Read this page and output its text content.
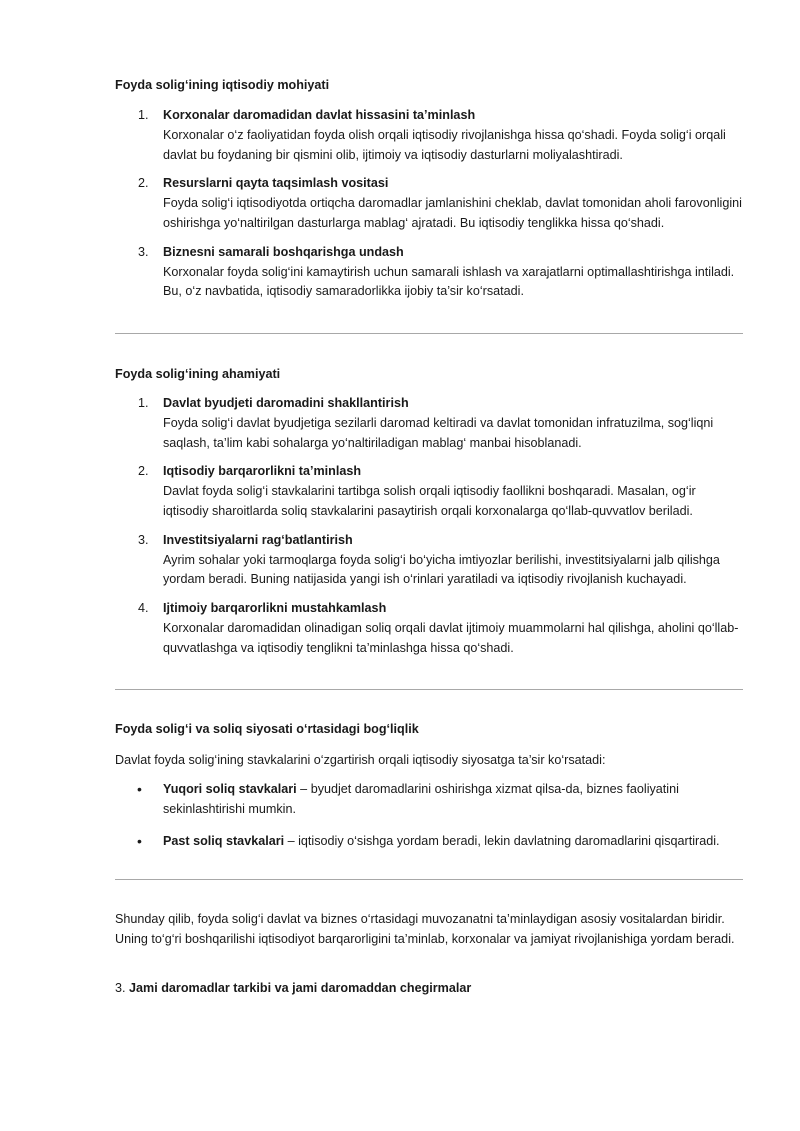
Foyda solig‘ining iqtisodiy mohiyati
1. Korxonalar daromadidan davlat hissasini ta’minlash
Korxonalar o‘z faoliyatidan foyda olish orqali iqtisodiy rivojlanishga hissa qo‘shadi. Foyda solig‘i orqali davlat bu foydaning bir qismini olib, ijtimoiy va iqtisodiy dasturlarni moliyalashtiradi.
2. Resurslarni qayta taqsimlash vositasi
Foyda solig‘i iqtisodiyotda ortiqcha daromadlar jamlanishini cheklab, davlat tomonidan aholi farovonligini oshirishga yo‘naltirilgan dasturlarga mablag‘ ajratadi. Bu iqtisodiy tenglikka hissa qo‘shadi.
3. Biznesni samarali boshqarishga undash
Korxonalar foyda solig‘ini kamaytirish uchun samarali ishlash va xarajatlarni optimallashtirishga intiladi. Bu, o‘z navbatida, iqtisodiy samaradorlikka ijobiy ta’sir ko‘rsatadi.
Foyda solig‘ining ahamiyati
1. Davlat byudjeti daromadini shakllantirish
Foyda solig‘i davlat byudjetiga sezilarli daromad keltiradi va davlat tomonidan infratuzilma, sog‘liqni saqlash, ta’lim kabi sohalarga yo‘naltiriladigan mablag‘ manbai hisoblanadi.
2. Iqtisodiy barqarorlikni ta’minlash
Davlat foyda solig‘i stavkalarini tartibga solish orqali iqtisodiy faollikni boshqaradi. Masalan, og‘ir iqtisodiy sharoitlarda soliq stavkalarini pasaytirish orqali korxonalarga qo‘llab-quvvatlov beriladi.
3. Investitsiyalarni rag‘batlantirish
Ayrim sohalar yoki tarmoqlarga foyda solig‘i bo‘yicha imtiyozlar berilishi, investitsiyalarni jalb qilishga yordam beradi. Buning natijasida yangi ish o‘rinlari yaratiladi va iqtisodiy rivojlanish kuchayadi.
4. Ijtimoiy barqarorlikni mustahkamlash
Korxonalar daromadidan olinadigan soliq orqali davlat ijtimoiy muammolarni hal qilishga, aholini qo‘llab-quvvatlashga va iqtisodiy tenglikni ta’minlashga hissa qo‘shadi.
Foyda solig‘i va soliq siyosati o‘rtasidagi bog‘liqlik

Davlat foyda solig‘ining stavkalarini o‘zgartirish orqali iqtisodiy siyosatga ta’sir ko‘rsatadi:

• Yuqori soliq stavkalari – byudjet daromadlarini oshirishga xizmat qilsa-da, biznes faoliyatini sekinlashtirishi mumkin.
• Past soliq stavkalari – iqtisodiy o‘sishga yordam beradi, lekin davlatning daromadlarini qisqartiradi.

Shunday qilib, foyda solig‘i davlat va biznes o‘rtasidagi muvozanatni ta’minlaydigan asosiy vositalardan biridir. Uning to‘g‘ri boshqarilishi iqtisodiyot barqarorligini ta’minlab, korxonalar va jamiyat rivojlanishiga yordam beradi.

3. Jami daromadlar tarkibi va jami daromaddan chegirmalar
